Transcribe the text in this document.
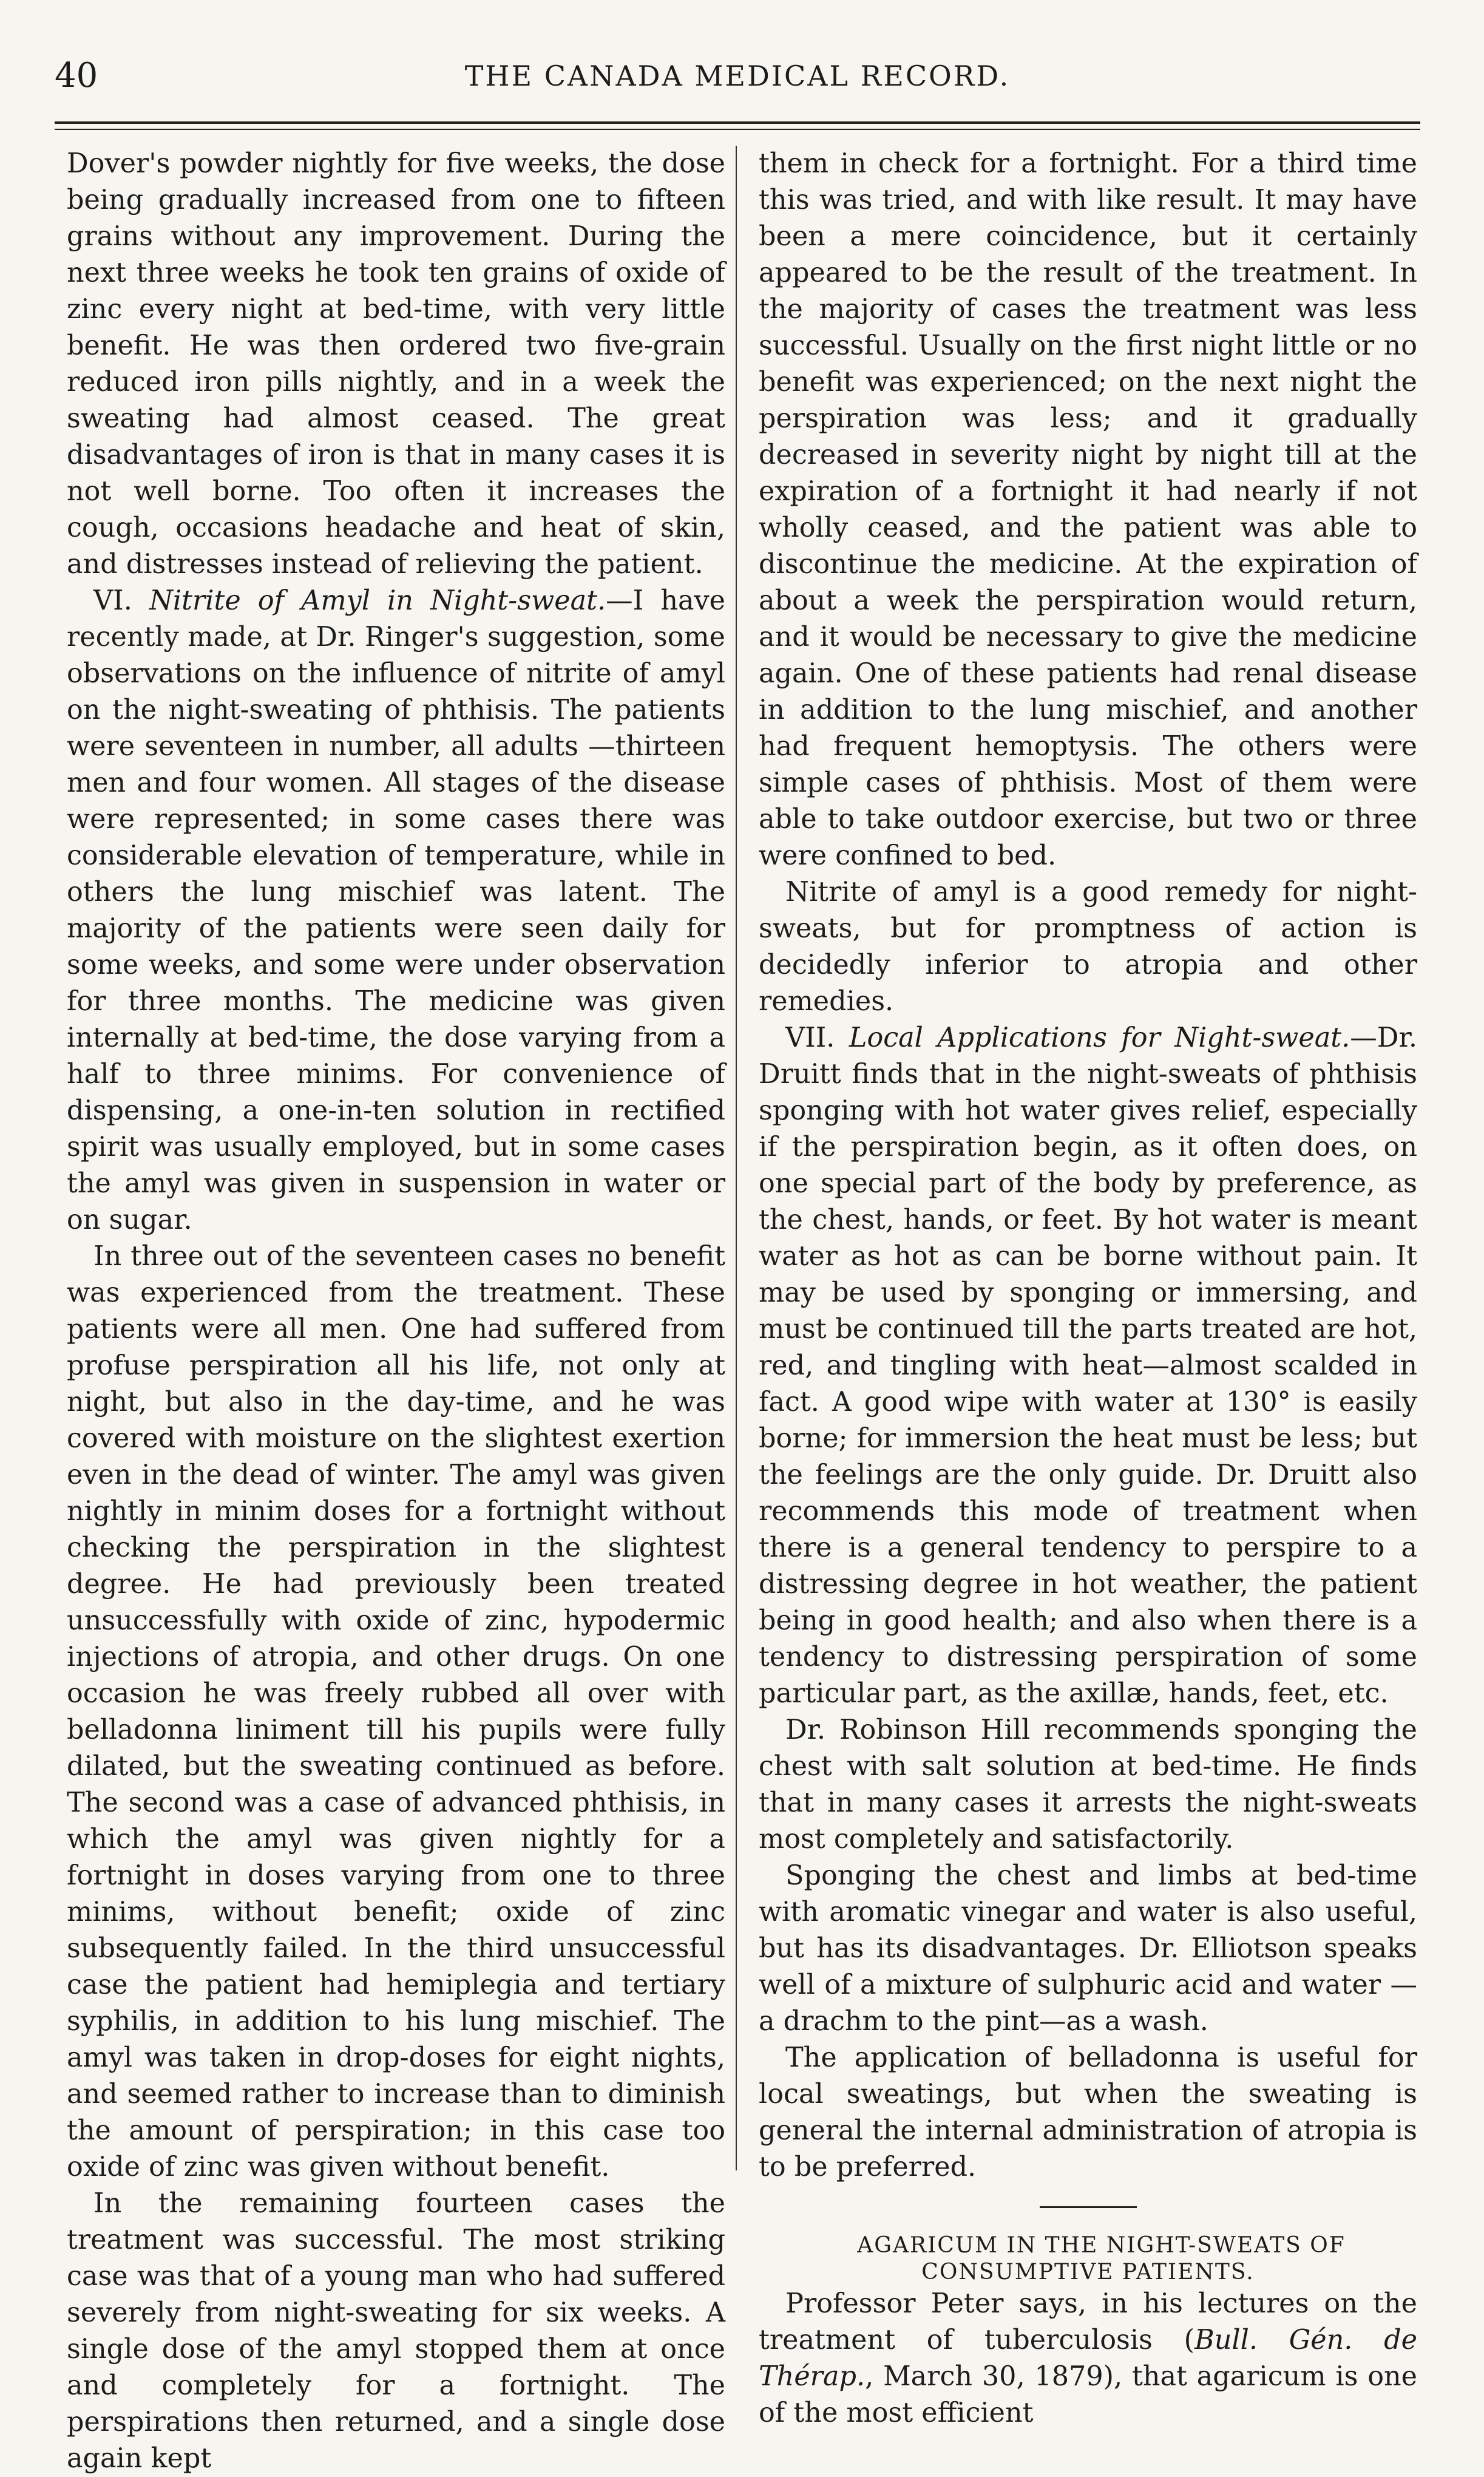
40	THE CANADA MEDICAL RECORD.

Dover's powder nightly for five weeks, the dose being gradually increased from one to fifteen grains without any improvement. During the next three weeks he took ten grains of oxide of zinc every night at bed-time, with very little benefit. He was then ordered two five-grain reduced iron pills nightly, and in a week the sweating had almost ceased. The great disadvantages of iron is that in many cases it is not well borne. Too often it increases the cough, occasions headache and heat of skin, and distresses instead of relieving the patient.

VI. Nitrite of Amyl in Night-sweat.—I have recently made, at Dr. Ringer's suggestion, some observations on the influence of nitrite of amyl on the night-sweating of phthisis. The patients were seventeen in number, all adults —thirteen men and four women. All stages of the disease were represented; in some cases there was considerable elevation of temperature, while in others the lung mischief was latent. The majority of the patients were seen daily for some weeks, and some were under observation for three months. The medicine was given internally at bed-time, the dose varying from a half to three minims. For convenience of dispensing, a one-in-ten solution in rectified spirit was usually employed, but in some cases the amyl was given in suspension in water or on sugar.

In three out of the seventeen cases no benefit was experienced from the treatment. These patients were all men. One had suffered from profuse perspiration all his life, not only at night, but also in the day-time, and he was covered with moisture on the slightest exertion even in the dead of winter. The amyl was given nightly in minim doses for a fortnight without checking the perspiration in the slightest degree. He had previously been treated unsuccessfully with oxide of zinc, hypodermic injections of atropia, and other drugs. On one occasion he was freely rubbed all over with belladonna liniment till his pupils were fully dilated, but the sweating continued as before. The second was a case of advanced phthisis, in which the amyl was given nightly for a fortnight in doses varying from one to three minims, without benefit; oxide of zinc subsequently failed. In the third unsuccessful case the patient had hemiplegia and tertiary syphilis, in addition to his lung mischief. The amyl was taken in drop-doses for eight nights, and seemed rather to increase than to diminish the amount of perspiration; in this case too oxide of zinc was given without benefit.

In the remaining fourteen cases the treatment was successful. The most striking case was that of a young man who had suffered severely from night-sweating for six weeks. A single dose of the amyl stopped them at once and completely for a fortnight. The perspirations then returned, and a single dose again kept

them in check for a fortnight. For a third time this was tried, and with like result. It may have been a mere coincidence, but it certainly appeared to be the result of the treatment. In the majority of cases the treatment was less successful. Usually on the first night little or no benefit was experienced; on the next night the perspiration was less; and it gradually decreased in severity night by night till at the expiration of a fortnight it had nearly if not wholly ceased, and the patient was able to discontinue the medicine. At the expiration of about a week the perspiration would return, and it would be necessary to give the medicine again. One of these patients had renal disease in addition to the lung mischief, and another had frequent hemoptysis. The others were simple cases of phthisis. Most of them were able to take outdoor exercise, but two or three were confined to bed.

Nitrite of amyl is a good remedy for night-sweats, but for promptness of action is decidedly inferior to atropia and other remedies.

VII. Local Applications for Night-sweat.—Dr. Druitt finds that in the night-sweats of phthisis sponging with hot water gives relief, especially if the perspiration begin, as it often does, on one special part of the body by preference, as the chest, hands, or feet. By hot water is meant water as hot as can be borne without pain. It may be used by sponging or immersing, and must be continued till the parts treated are hot, red, and tingling with heat—almost scalded in fact. A good wipe with water at 130° is easily borne; for immersion the heat must be less; but the feelings are the only guide. Dr. Druitt also recommends this mode of treatment when there is a general tendency to perspire to a distressing degree in hot weather, the patient being in good health; and also when there is a tendency to distressing perspiration of some particular part, as the axillæ, hands, feet, etc.

Dr. Robinson Hill recommends sponging the chest with salt solution at bed-time. He finds that in many cases it arrests the night-sweats most completely and satisfactorily.

Sponging the chest and limbs at bed-time with aromatic vinegar and water is also useful, but has its disadvantages. Dr. Elliotson speaks well of a mixture of sulphuric acid and water —a drachm to the pint—as a wash.

The application of belladonna is useful for local sweatings, but when the sweating is general the internal administration of atropia is to be preferred.

AGARICUM IN THE NIGHT-SWEATS OF CONSUMPTIVE PATIENTS.

Professor Peter says, in his lectures on the treatment of tuberculosis (Bull. Gén. de Thérap., March 30, 1879), that agaricum is one of the most efficient
